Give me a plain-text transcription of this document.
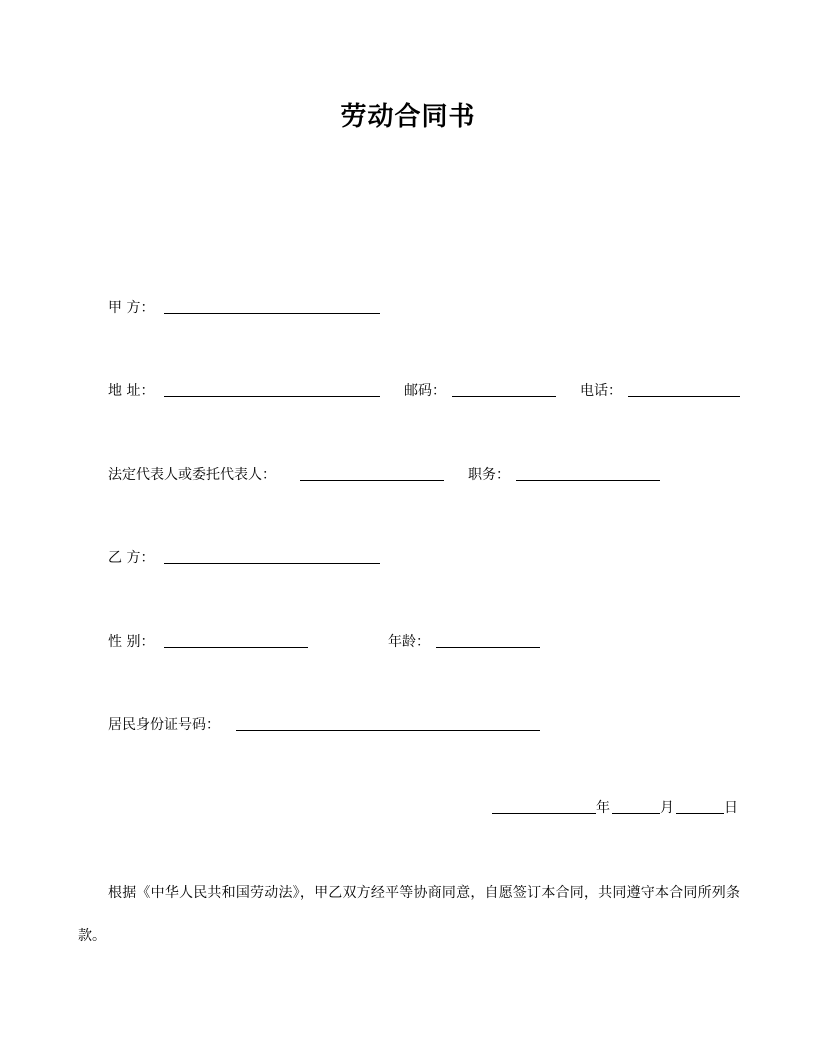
劳动合同书
甲 方：
地 址：	邮码：	电话：
法定代表人或委托代表人：	职务：
乙 方：
性 别：	年龄：
居民身份证号码：
年	月	日
根据《中华人民共和国劳动法》，甲乙双方经平等协商同意，自愿签订本合同，共同遵守本合同所列条款。
